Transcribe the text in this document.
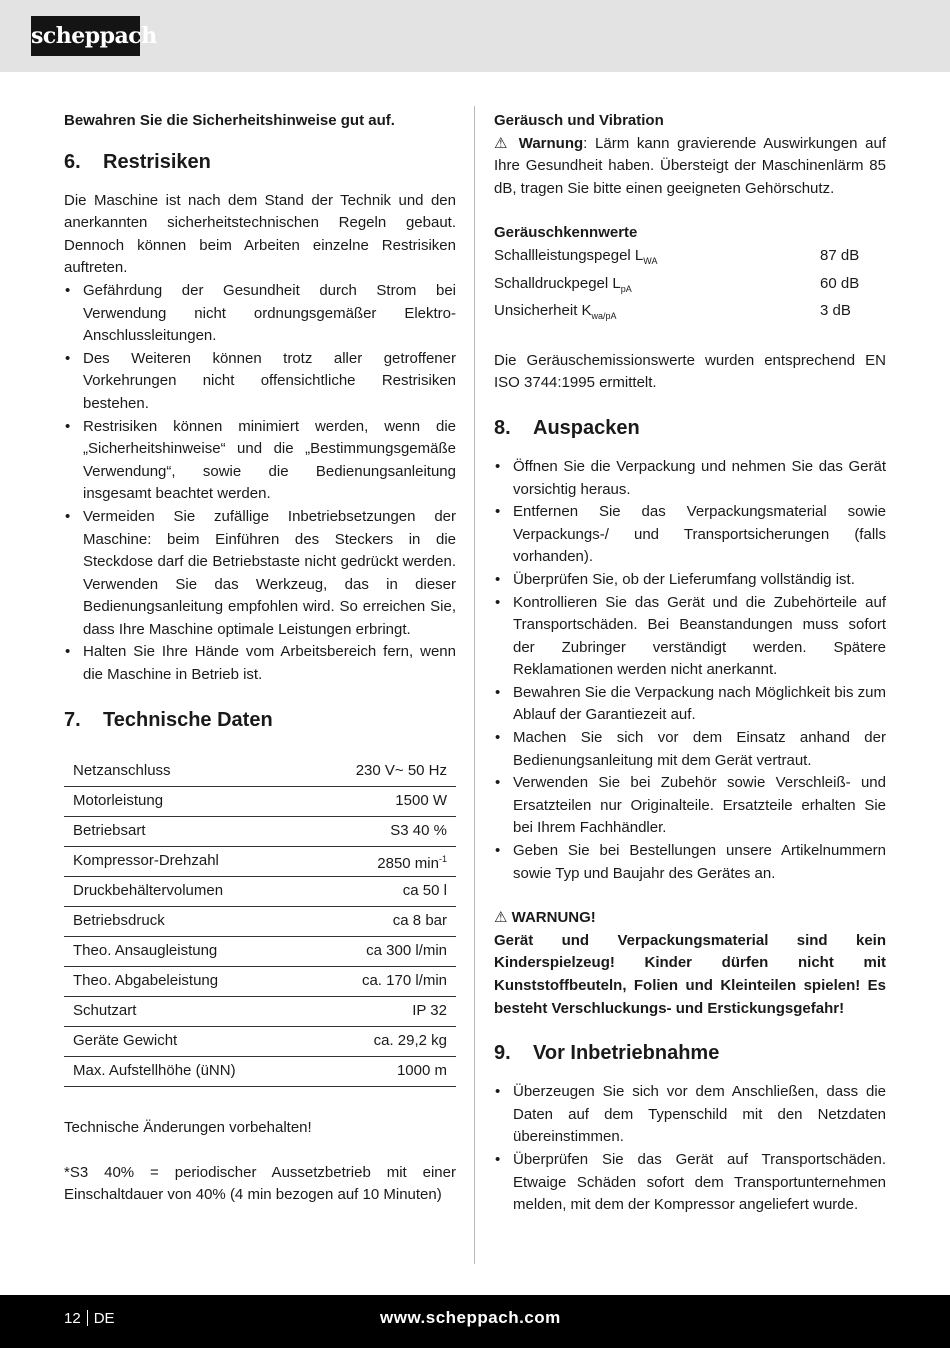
scheppach

Bewahren Sie die Sicherheitshinweise gut auf.

6.	Restrisiken

Die Maschine ist nach dem Stand der Technik und den anerkannten sicherheitstechnischen Regeln gebaut. Dennoch können beim Arbeiten einzelne Restrisiken auftreten.

• Gefährdung der Gesundheit durch Strom bei Verwendung nicht ordnungsgemäßer Elektro-Anschlussleitungen.
• Des Weiteren können trotz aller getroffener Vorkehrungen nicht offensichtliche Restrisiken bestehen.
• Restrisiken können minimiert werden, wenn die „Sicherheitshinweise“ und die „Bestimmungsgemäße Verwendung“, sowie die Bedienungsanleitung insgesamt beachtet werden.
• Vermeiden Sie zufällige Inbetriebsetzungen der Maschine: beim Einführen des Steckers in die Steckdose darf die Betriebstaste nicht gedrückt werden. Verwenden Sie das Werkzeug, das in dieser Bedienungsanleitung empfohlen wird. So erreichen Sie, dass Ihre Maschine optimale Leistungen erbringt.
• Halten Sie Ihre Hände vom Arbeitsbereich fern, wenn die Maschine in Betrieb ist.
7.	Technische Daten
Netzanschluss	230 V~ 50 Hz
Motorleistung	1500 W
Betriebsart	S3 40 %
Kompressor-Drehzahl	2850 $\min^{-1}$
Druckbehältervolumen	ca 50 l
Betriebsdruck	ca 8 bar
Theo. Ansaugleistung	ca 300 l/min
Theo. Abgabeleistung	ca. 170 l/min
Schutzart	IP 32
Geräte Gewicht	ca. 29,2 kg
Max. Aufstellhöhe (üNN)	1000 m

Technische Änderungen vorbehalten!

*S3 40% = periodischer Aussetzbetrieb mit einer Einschaltdauer von 40% (4 min bezogen auf 10 Minuten)

Geräusch und Vibration

⚠ Warnung: Lärm kann gravierende Auswirkungen auf Ihre Gesundheit haben. Übersteigt der Maschinenlärm 85 dB, tragen Sie bitte einen geeigneten Gehörschutz.

Geräuschkennwerte

Schallleistungspegel $L_{WA}$	87 dB
Schalldruckpegel $L_{pA}$	60 dB
Unsicherheit $K_{wa/pA}$	3 dB

Die Geräuschemissionswerte wurden entsprechend EN ISO 3744:1995 ermittelt.

8.	Auspacken
• Öffnen Sie die Verpackung und nehmen Sie das Gerät vorsichtig heraus.
• Entfernen Sie das Verpackungsmaterial sowie Verpackungs-/ und Transportsicherungen (falls vorhanden).
• Überprüfen Sie, ob der Lieferumfang vollständig ist.
• Kontrollieren Sie das Gerät und die Zubehörteile auf Transportschäden. Bei Beanstandungen muss sofort der Zubringer verständigt werden. Spätere Reklamationen werden nicht anerkannt.
• Bewahren Sie die Verpackung nach Möglichkeit bis zum Ablauf der Garantiezeit auf.
• Machen Sie sich vor dem Einsatz anhand der Bedienungsanleitung mit dem Gerät vertraut.
• Verwenden Sie bei Zubehör sowie Verschleiß- und Ersatzteilen nur Originalteile. Ersatzteile erhalten Sie bei Ihrem Fachhändler.
• Geben Sie bei Bestellungen unsere Artikelnummern sowie Typ und Baujahr des Gerätes an.

⚠ WARNUNG!

Gerät und Verpackungsmaterial sind kein Kinderspielzeug! Kinder dürfen nicht mit Kunststoffbeuteln, Folien und Kleinteilen spielen! Es besteht Verschluckungs- und Erstickungsgefahr!

9.	Vor Inbetriebnahme
• Überzeugen Sie sich vor dem Anschließen, dass die Daten auf dem Typenschild mit den Netzdaten übereinstimmen.
• Überprüfen Sie das Gerät auf Transportschäden. Etwaige Schäden sofort dem Transportunternehmen melden, mit dem der Kompressor angeliefert wurde.
12 DE	www.scheppach.com
